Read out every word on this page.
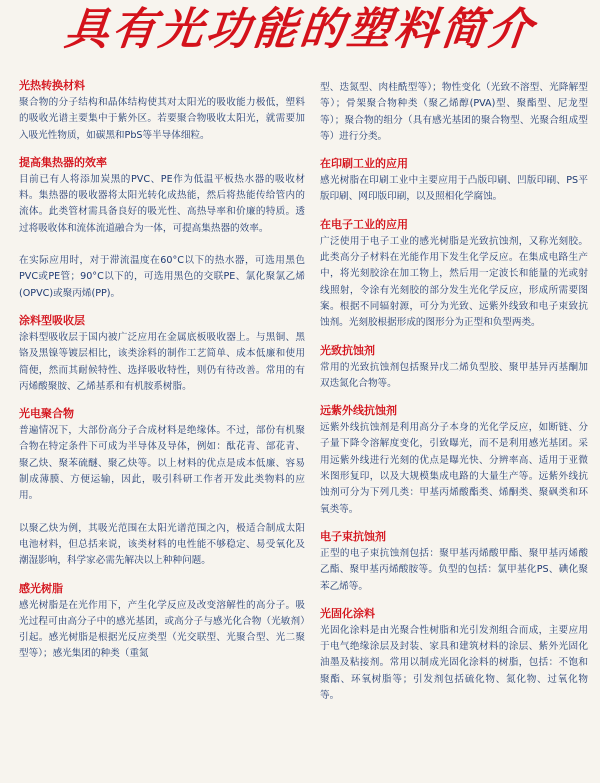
具有光功能的塑料简介
光热转换材料
聚合物的分子结构和晶体结构使其对太阳光的吸收能力极低，塑料的吸收光谱主要集中于紫外区。若要聚合物吸收太阳光，就需要加入吸光性物质，如碳黑和PbS等半导体细粒。
提高集热器的效率
目前已有人将添加炭黑的PVC、PE作为低温平板热水器的吸收材料。集热器的吸收器将太阳光转化成热能，然后将热能传给管内的流体。此类管材需具备良好的吸光性、高热导率和价廉的特质。透过将吸收体和流体流道融合为一体，可提高集热器的效率。
在实际应用时，对于滞流温度在60°C以下的热水器，可选用黑色PVC或PE管；90°C以下的，可选用黑色的交联PE、氯化聚氯乙烯(OPVC)或聚丙烯(PP)。
涂料型吸收层
涂料型吸收层于国内被广泛应用在金属底板吸收器上。与黑铜、黑铬及黑镍等镀层相比，该类涂料的制作工艺简单、成本低廉和使用简便，然而其耐候特性、选择吸收特性，则仍有待改善。常用的有丙烯酸聚胺、乙烯基系和有机胺系树脂。
光电聚合物
普遍情况下，大部份高分子合成材料是绝缘体。不过，部份有机聚合物在特定条件下可成为半导体及导体，例如：酞花青、部花青、聚乙炔、聚苯硫醚、聚乙炔等。以上材料的优点是成本低廉、容易制成薄膜、方便运输，因此，吸引科研工作者开发此类物料的应用。
以聚乙炔为例，其吸光范围在太阳光谱范围之內，极适合制成太阳电池材料，但总括来说，该类材料的电性能不够稳定、易受氧化及潮湿影响，科学家必需先解决以上种种问题。
感光树脂
感光树脂是在光作用下，产生化学反应及改变溶解性的高分子。吸光过程可由高分子中的感光基团，或高分子与感光化合物（光敏剂）引起。感光树脂是根据光反应类型（光交联型、光聚合型、光二聚型等）；感光集团的种类（重氮
型、迭氮型、肉桂酰型等）；物性变化（光致不溶型、光降解型等）；骨架聚合物种类（聚乙烯醇(PVA)型、聚酯型、尼龙型等）；聚合物的组分（具有感光基团的聚合物型、光聚合组成型等）进行分类。
在印刷工业的应用
感光树脂在印刷工业中主要应用于凸版印刷、凹版印刷、PS平版印刷、网印版印刷，以及照相化学腐蚀。
在电子工业的应用
广泛使用于电子工业的感光树脂是光致抗蚀剂，又称光刻胶。此类高分子材料在光能作用下发生化学反应。在集成电路生产中，将光刻胶涂在加工物上，然后用一定波长和能量的光或射线照射，令涂有光刻胶的部分发生光化学反应，形成所需要图案。根据不同辐射源，可分为光致、远紫外线致和电子束致抗蚀剂。光刻胶根据形成的图形分为正型和负型两类。
光致抗蚀剂
常用的光致抗蚀剂包括聚异戊二烯负型胶、聚甲基异丙基酮加双迭氮化合物等。
远紫外线抗蚀剂
远紫外线抗蚀剂是利用高分子本身的光化学反应，如断链、分子量下降令溶解度变化，引致曝光，而不是利用感光基团。采用远紫外线进行光刻的优点是曝光快、分辨率高、适用于亚微米图形复印，以及大规模集成电路的大量生产等。远紫外线抗蚀剂可分为下列几类：甲基丙烯酸酯类、烯酮类、聚砜类和环氧类等。
电子束抗蚀剂
正型的电子束抗蚀剂包括：聚甲基丙烯酸甲酯、聚甲基丙烯酸乙酯、聚甲基丙烯酸胺等。负型的包括：氯甲基化PS、碘化聚苯乙烯等。
光固化涂料
光固化涂料是由光聚合性树脂和光引发剂组合而成，主要应用于电气绝缘涂层及封装、家具和建筑材料的涂层、紫外光固化油墨及粘接剂。常用以制成光固化涂料的树脂，包括：不饱和聚酯、环氧树脂等；引发剂包括硫化物、氮化物、过氧化物等。
